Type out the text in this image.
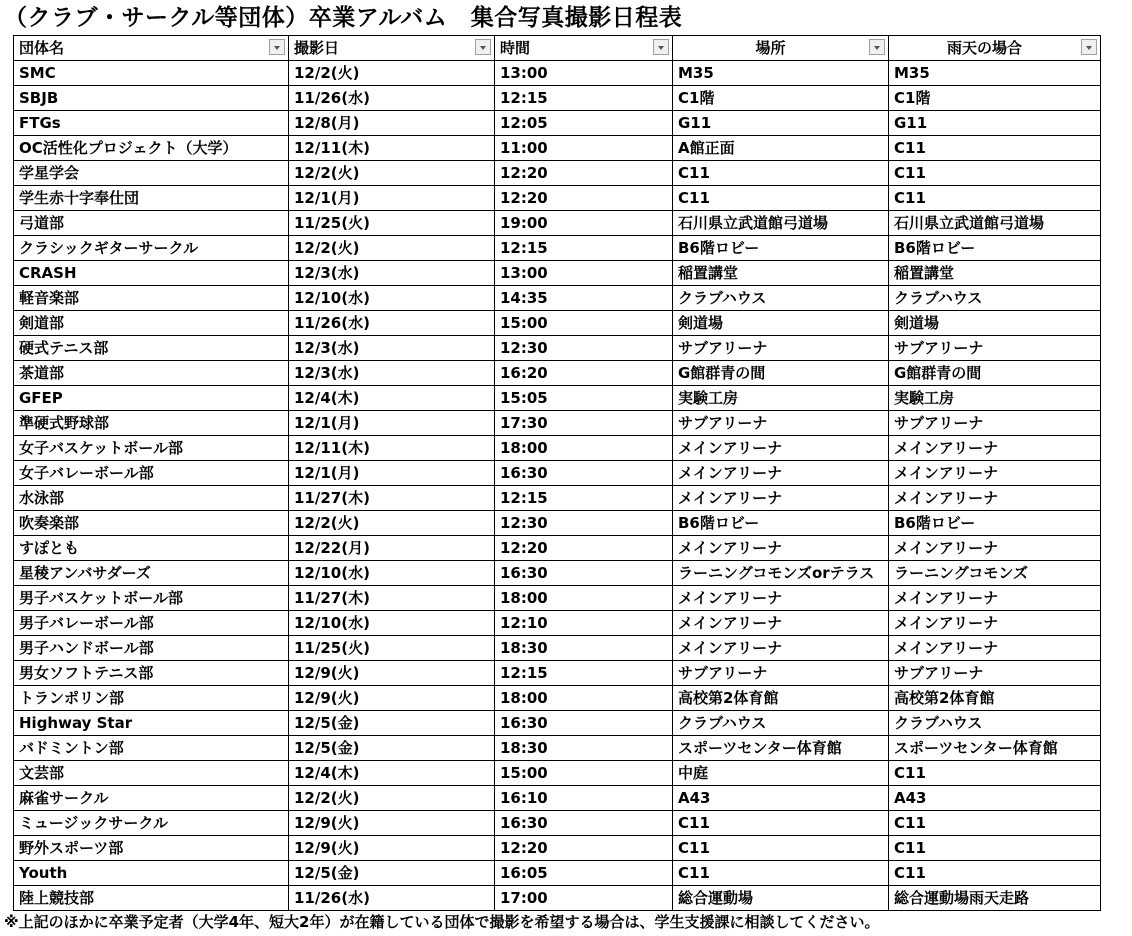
（クラブ・サークル等団体）卒業アルバム　集合写真撮影日程表
団体名	撮影日	時間	場所	雨天の場合

SMC	12/2(火)	13:00	M35	M35
SBJB	11/26(水)	12:15	C1階	C1階
FTGs	12/8(月)	12:05	G11	G11
OC活性化プロジェクト（大学）	12/11(木)	11:00	A館正面	C11
学星学会	12/2(火)	12:20	C11	C11
学生赤十字奉仕団	12/1(月)	12:20	C11	C11
弓道部	11/25(火)	19:00	石川県立武道館弓道場	石川県立武道館弓道場
クラシックギターサークル	12/2(火)	12:15	B6階ロビー	B6階ロビー
CRASH	12/3(水)	13:00	稲置講堂	稲置講堂
軽音楽部	12/10(水)	14:35	クラブハウス	クラブハウス
剣道部	11/26(水)	15:00	剣道場	剣道場
硬式テニス部	12/3(水)	12:30	サブアリーナ	サブアリーナ
茶道部	12/3(水)	16:20	G館群青の間	G館群青の間
GFEP	12/4(木)	15:05	実験工房	実験工房
準硬式野球部	12/1(月)	17:30	サブアリーナ	サブアリーナ
女子バスケットボール部	12/11(木)	18:00	メインアリーナ	メインアリーナ
女子バレーボール部	12/1(月)	16:30	メインアリーナ	メインアリーナ
水泳部	11/27(木)	12:15	メインアリーナ	メインアリーナ
吹奏楽部	12/2(火)	12:30	B6階ロビー	B6階ロビー
すぽとも	12/22(月)	12:20	メインアリーナ	メインアリーナ
星稜アンバサダーズ	12/10(水)	16:30	ラーニングコモンズorテラス	ラーニングコモンズ
男子バスケットボール部	11/27(木)	18:00	メインアリーナ	メインアリーナ
男子バレーボール部	12/10(水)	12:10	メインアリーナ	メインアリーナ
男子ハンドボール部	11/25(火)	18:30	メインアリーナ	メインアリーナ
男女ソフトテニス部	12/9(火)	12:15	サブアリーナ	サブアリーナ
トランポリン部	12/9(火)	18:00	高校第2体育館	高校第2体育館
Highway Star	12/5(金)	16:30	クラブハウス	クラブハウス
バドミントン部	12/5(金)	18:30	スポーツセンター体育館	スポーツセンター体育館
文芸部	12/4(木)	15:00	中庭	C11
麻雀サークル	12/2(火)	16:10	A43	A43
ミュージックサークル	12/9(火)	16:30	C11	C11
野外スポーツ部	12/9(火)	12:20	C11	C11
Youth	12/5(金)	16:05	C11	C11
陸上競技部	11/26(水)	17:00	総合運動場	総合運動場雨天走路
※上記のほかに卒業予定者（大学4年、短大2年）が在籍している団体で撮影を希望する場合は、学生支援課に相談してください。
